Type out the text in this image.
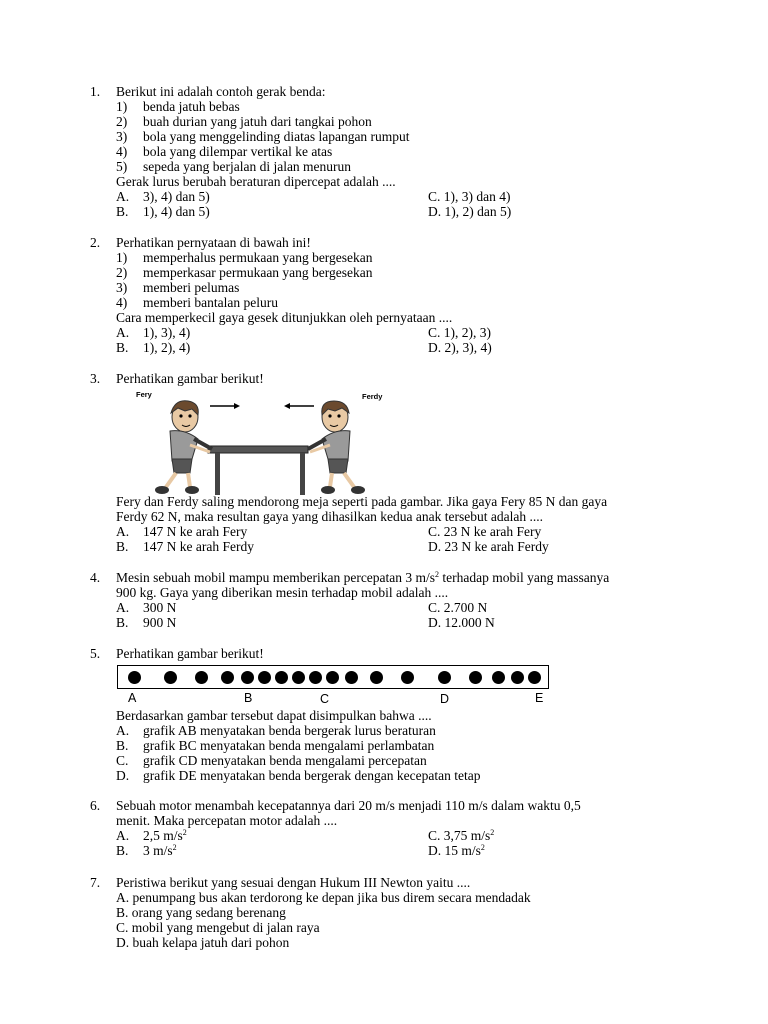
1. Berikut ini adalah contoh gerak benda:
1)	benda jatuh bebas
2)	buah durian yang jatuh dari tangkai pohon
3)	bola yang menggelinding diatas lapangan rumput
4)	bola yang dilempar vertikal ke atas
5)	sepeda yang berjalan di jalan menurun
Gerak lurus berubah beraturan dipercepat adalah ....
A. 3), 4) dan 5)	C. 1), 3) dan 4)
B. 1), 4) dan 5)	D. 1), 2) dan 5)
2. Perhatikan pernyataan di bawah ini!
1)	memperhalus permukaan yang bergesekan
2)	memperkasar permukaan yang bergesekan
3)	memberi pelumas
4)	memberi bantalan peluru
Cara memperkecil gaya gesek ditunjukkan oleh pernyataan ....
A. 1), 3), 4)	C. 1), 2), 3)
B. 1), 2), 4)	D. 2), 3), 4)
3. Perhatikan gambar berikut!
Fery	Ferdy
Fery dan Ferdy saling mendorong meja seperti pada gambar. Jika gaya Fery 85 N dan gaya
Ferdy 62 N, maka resultan gaya yang dihasilkan kedua anak tersebut adalah ....
A. 147 N ke arah Fery	C. 23 N ke arah Fery
B. 147 N ke arah Ferdy	D. 23 N ke arah Ferdy
4. Mesin sebuah mobil mampu memberikan percepatan 3 $m/s^2$ terhadap mobil yang massanya
900 kg. Gaya yang diberikan mesin terhadap mobil adalah ....
A. 300 N	C. 2.700 N
B. 900 N	D. 12.000 N
5. Perhatikan gambar berikut!
A	B	C	D	E
Berdasarkan gambar tersebut dapat disimpulkan bahwa ....
A. grafik AB menyatakan benda bergerak lurus beraturan
B. grafik BC menyatakan benda mengalami perlambatan
C. grafik CD menyatakan benda mengalami percepatan
D. grafik DE menyatakan benda bergerak dengan kecepatan tetap
6. Sebuah motor menambah kecepatannya dari 20 m/s menjadi 110 m/s dalam waktu 0,5
menit. Maka percepatan motor adalah ....
A. 2,5 $m/s^2$	C. 3,75 $m/s^2$
B. 3 $m/s^2$	D. 15 $m/s^2$
7. Peristiwa berikut yang sesuai dengan Hukum III Newton yaitu ....
A. penumpang bus akan terdorong ke depan jika bus direm secara mendadak
B. orang yang sedang berenang
C. mobil yang mengebut di jalan raya
D. buah kelapa jatuh dari pohon
